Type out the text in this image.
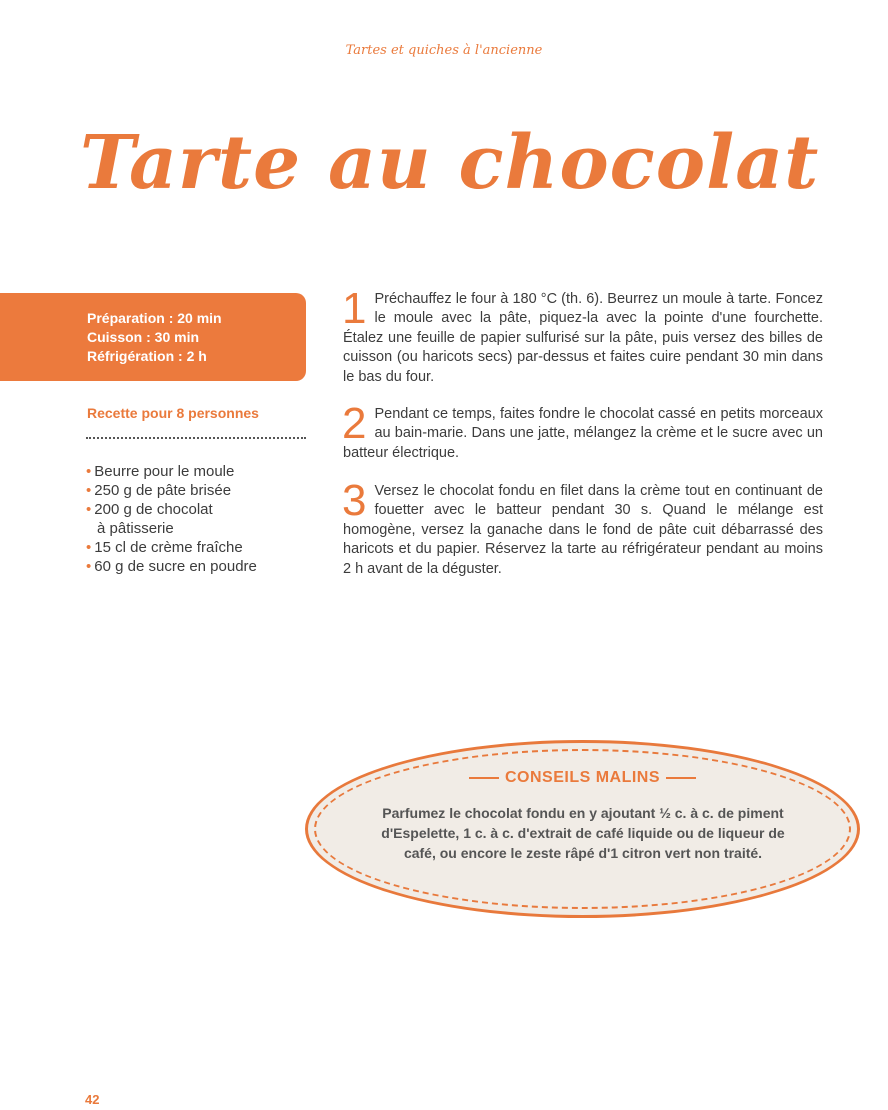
Tartes et quiches à l'ancienne
Tarte au chocolat
Préparation : 20 min
Cuisson : 30 min
Réfrigération : 2 h
Recette pour 8 personnes
• Beurre pour le moule
• 250 g de pâte brisée
• 200 g de chocolat
à pâtisserie
• 15 cl de crème fraîche
• 60 g de sucre en poudre
1 Préchauffez le four à 180 °C (th. 6). Beurrez un moule à tarte. Foncez le moule avec la pâte, piquez-la avec la pointe d'une fourchette. Étalez une feuille de papier sulfurisé sur la pâte, puis versez des billes de cuisson (ou haricots secs) par-dessus et faites cuire pendant 30 min dans le bas du four.
2 Pendant ce temps, faites fondre le chocolat cassé en petits morceaux au bain-marie. Dans une jatte, mélangez la crème et le sucre avec un batteur électrique.
3 Versez le chocolat fondu en filet dans la crème tout en continuant de fouetter avec le batteur pendant 30 s. Quand le mélange est homogène, versez la ganache dans le fond de pâte cuit débarrassé des haricots et du papier. Réservez la tarte au réfrigérateur pendant au moins 2 h avant de la déguster.
CONSEILS MALINS
Parfumez le chocolat fondu en y ajoutant ½ c. à c. de piment d'Espelette, 1 c. à c. d'extrait de café liquide ou de liqueur de café, ou encore le zeste râpé d'1 citron vert non traité.
42
